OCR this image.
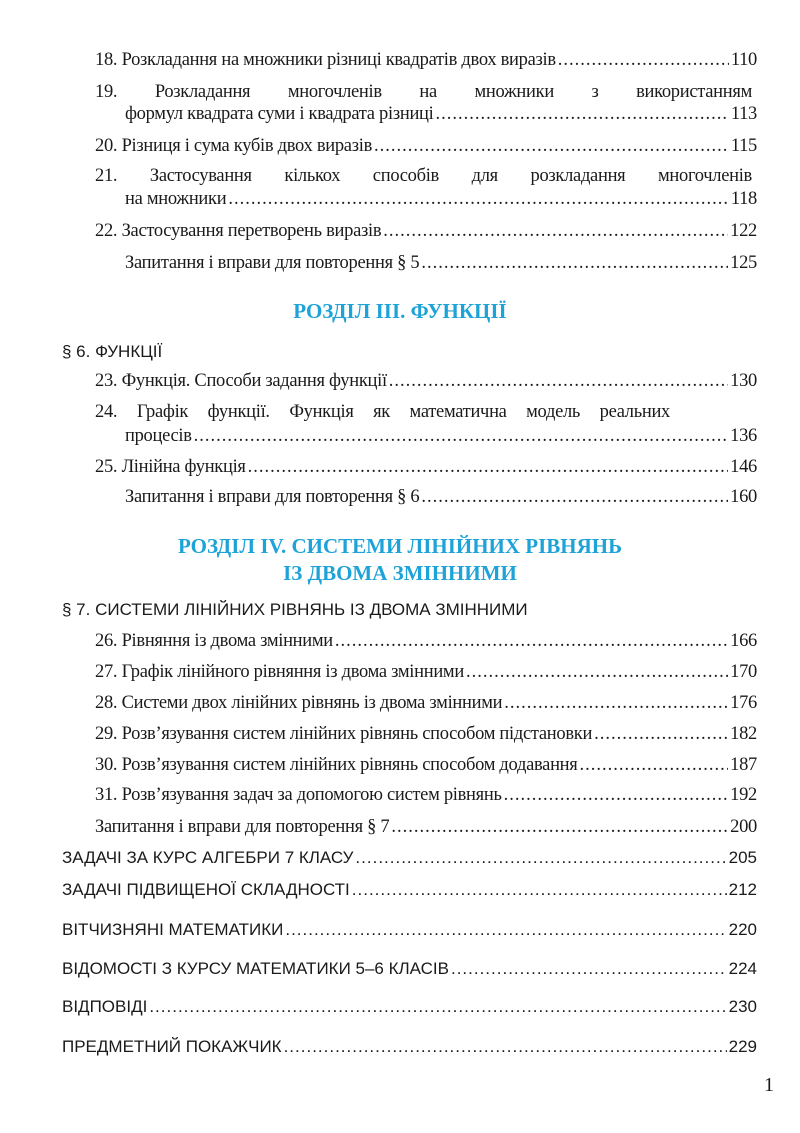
18. Розкладання на множники різниці квадратів двох виразів .....	110
19. Розкладання многочленів на множники з використанням
формул квадрата суми і квадрата різниці .....	113
20. Різниця і сума кубів двох виразів .....	115
21. Застосування кількох способів для розкладання многочленів
на множники .....	118
22. Застосування перетворень виразів .....	122
Запитання і вправи для повторення § 5 .....	125
РОЗДІЛ ІІІ. ФУНКЦІЇ
§ 6. ФУНКЦІЇ
23. Функція. Способи задання функції .....	130
24. Графік функції. Функція як математична модель реальних
процесів .....	136
25. Лінійна функція .....	146
Запитання і вправи для повторення § 6 .....	160
РОЗДІЛ IV. СИСТЕМИ ЛІНІЙНИХ РІВНЯНЬ
ІЗ ДВОМА ЗМІННИМИ
§ 7. СИСТЕМИ ЛІНІЙНИХ РІВНЯНЬ ІЗ ДВОМА ЗМІННИМИ
26. Рівняння із двома змінними .....	166
27. Графік лінійного рівняння із двома змінними .....	170
28. Системи двох лінійних рівнянь із двома змінними .....	176
29. Розв’язування систем лінійних рівнянь способом підстановки .....	182
30. Розв’язування систем лінійних рівнянь способом додавання .....	187
31. Розв’язування задач за допомогою систем рівнянь .....	192
Запитання і вправи для повторення § 7 .....	200
ЗАДАЧІ ЗА КУРС АЛГЕБРИ 7 КЛАСУ .....	205
ЗАДАЧІ ПІДВИЩЕНОЇ СКЛАДНОСТІ .....	212
ВІТЧИЗНЯНІ МАТЕМАТИКИ .....	220
ВІДОМОСТІ З КУРСУ МАТЕМАТИКИ 5–6 КЛАСІВ .....	224
ВІДПОВІДІ .....	230
ПРЕДМЕТНИЙ ПОКАЖЧИК .....	229
1
